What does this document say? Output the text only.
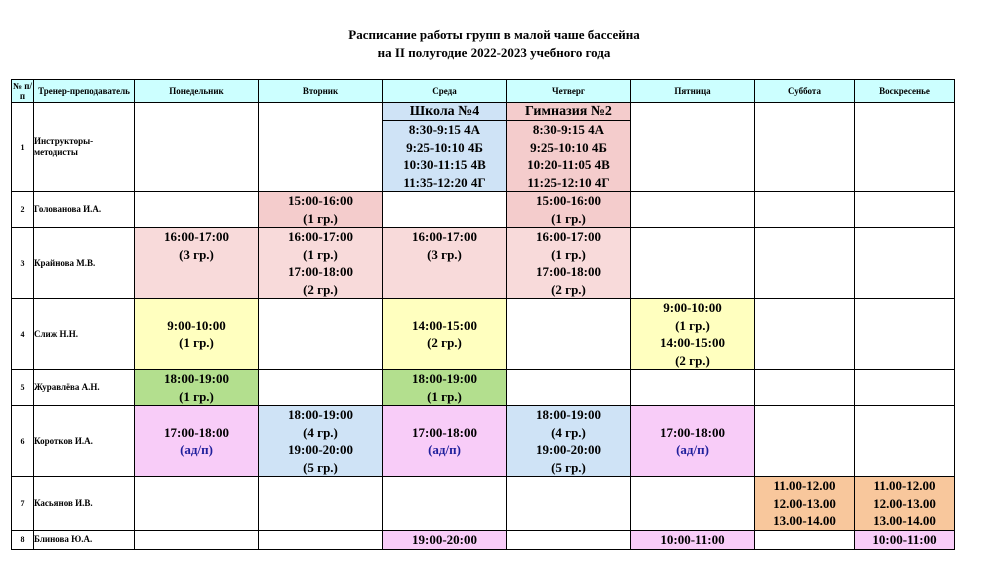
Расписание работы групп в малой чаше бассейна
на II полугодие 2022-2023 учебного года
№ п/п	Тренер-преподаватель	Понедельник	Вторник	Среда	Четверг	Пятница	Суббота	Воскресенье
1	Инструкторы-методисты			Школа №4
8:30-9:15 4А
9:25-10:10 4Б
10:30-11:15 4В
11:35-12:20 4Г	Гимназия №2
8:30-9:15 4А
9:25-10:10 4Б
10:20-11:05 4В
11:25-12:10 4Г			

2	Голованова И.А.		15:00-16:00
(1 гр.)		15:00-16:00
(1 гр.)			

3	Крайнова М.В.	16:00-17:00
(3 гр.)	16:00-17:00
(1 гр.)
17:00-18:00
(2 гр.)	16:00-17:00
(3 гр.)	16:00-17:00
(1 гр.)
17:00-18:00
(2 гр.)			

4	Слиж Н.Н.	9:00-10:00
(1 гр.)		14:00-15:00
(2 гр.)		9:00-10:00
(1 гр.)
14:00-15:00
(2 гр.)		

5	Журавлёва А.Н.	18:00-19:00
(1 гр.)		18:00-19:00
(1 гр.)				

6	Коротков И.А.	17:00-18:00
(ад/п)	18:00-19:00
(4 гр.)
19:00-20:00
(5 гр.)	17:00-18:00
(ад/п)	18:00-19:00
(4 гр.)
19:00-20:00
(5 гр.)	17:00-18:00
(ад/п)		

7	Касьянов И.В.						11.00-12.00
12.00-13.00
13.00-14.00	11.00-12.00
12.00-13.00
13.00-14.00

8	Блинова Ю.А.			19:00-20:00		10:00-11:00		10:00-11:00
